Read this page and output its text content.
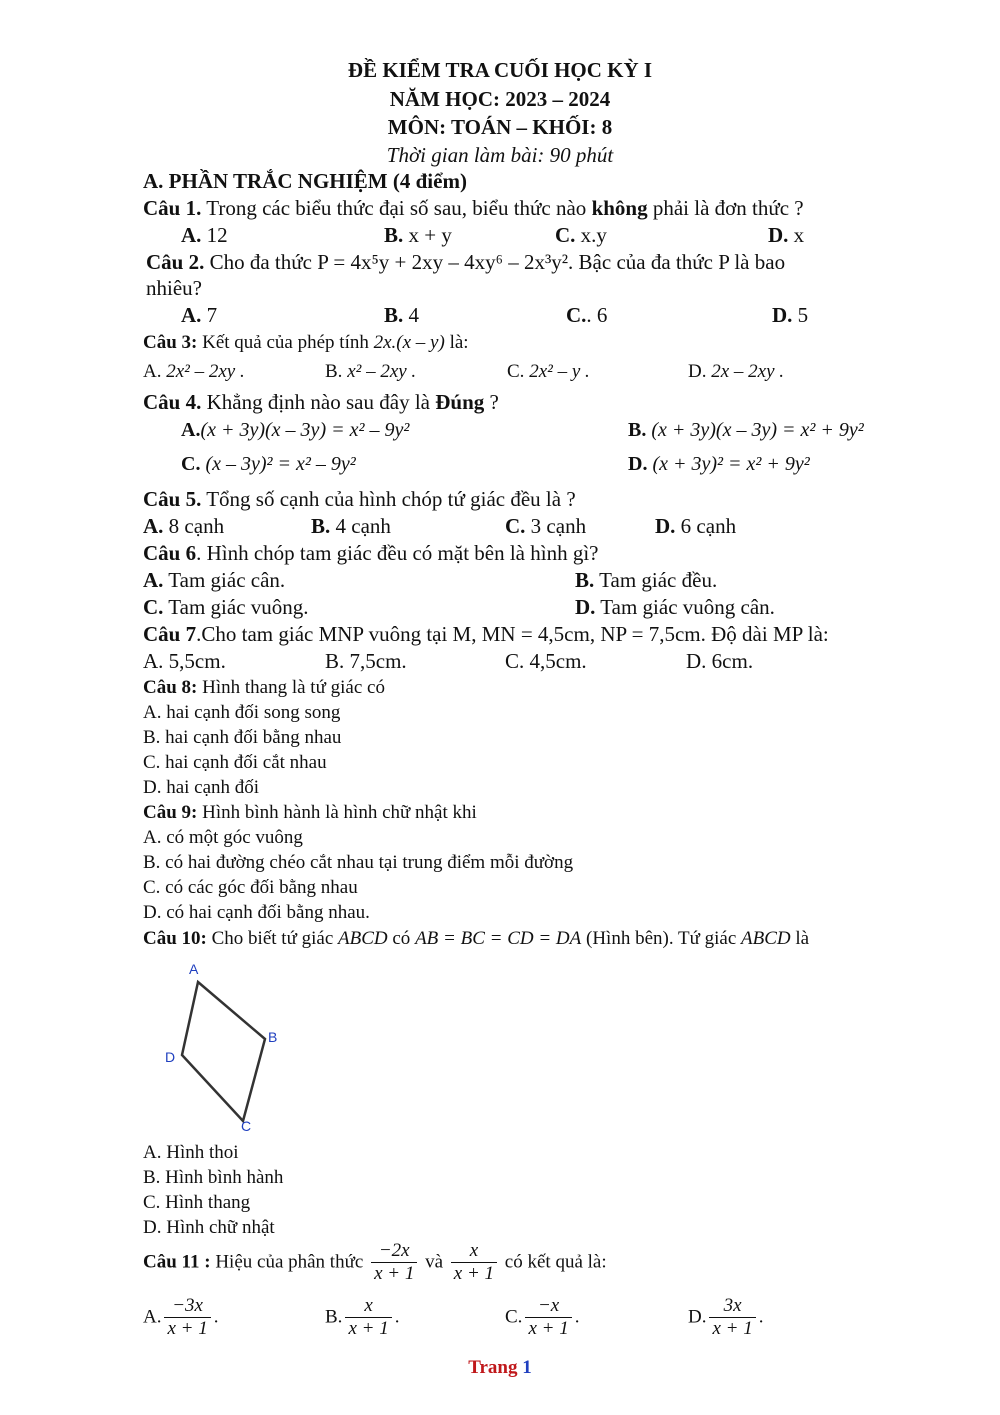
ĐỀ KIỂM TRA CUỐI HỌC KỲ I
NĂM HỌC: 2023 – 2024
MÔN: TOÁN – KHỐI: 8
Thời gian làm bài: 90 phút
A. PHẦN TRẮC NGHIỆM (4 điểm)
Câu 1. Trong các biểu thức đại số sau, biểu thức nào không phải là đơn thức ?
A. 12	B. x + y	C. x.y	D. x
Câu 2. Cho đa thức P = 4x⁵y + 2xy – 4xy⁶ – 2x³y². Bậc của đa thức P là bao
nhiêu?
A. 7	B. 4	C.. 6	D. 5
Câu 3: Kết quả của phép tính 2x.(x – y) là:
A. 2x² – 2xy .	B. x² – 2xy .	C. 2x² – y .	D. 2x – 2xy .
Câu 4. Khẳng định nào sau đây là Đúng ?
A.(x + 3y)(x – 3y) = x² – 9y²	B. (x + 3y)(x – 3y) = x² + 9y²
C. (x – 3y)² = x² – 9y²	D. (x + 3y)² = x² + 9y²
Câu 5. Tổng số cạnh của hình chóp tứ giác đều là ?
A. 8 cạnh	B. 4 cạnh	C. 3 cạnh	D. 6 cạnh
Câu 6. Hình chóp tam giác đều có mặt bên là hình gì?
A. Tam giác cân.	B. Tam giác đều.
C. Tam giác vuông.	D. Tam giác vuông cân.
Câu 7.Cho tam giác MNP vuông tại M, MN = 4,5cm, NP = 7,5cm. Độ dài MP là:
A. 5,5cm.	B. 7,5cm.	C. 4,5cm.	D. 6cm.
Câu 8: Hình thang là tứ giác có
A. hai cạnh đối song song
B. hai cạnh đối bằng nhau
C. hai cạnh đối cắt nhau
D. hai cạnh đối
Câu 9: Hình bình hành là hình chữ nhật khi
A. có một góc vuông
B. có hai đường chéo cắt nhau tại trung điểm mỗi đường
C. có các góc đối bằng nhau
D. có hai cạnh đối bằng nhau.
Câu 10: Cho biết tứ giác ABCD có AB = BC = CD = DA (Hình bên). Tứ giác ABCD là
A
B
C
D
A. Hình thoi
B. Hình bình hành
C. Hình thang
D. Hình chữ nhật
Câu 11 : Hiệu của phân thức $\frac{-2x}{x + 1}$ và $\frac{x}{x + 1}$ có kết quả là:
A. $\frac{-3x}{x + 1}$ .	B. $\frac{x}{x + 1}$ .	C. $\frac{-x}{x + 1}$ .	D. $\frac{3x}{x + 1}$ .
Trang 1
